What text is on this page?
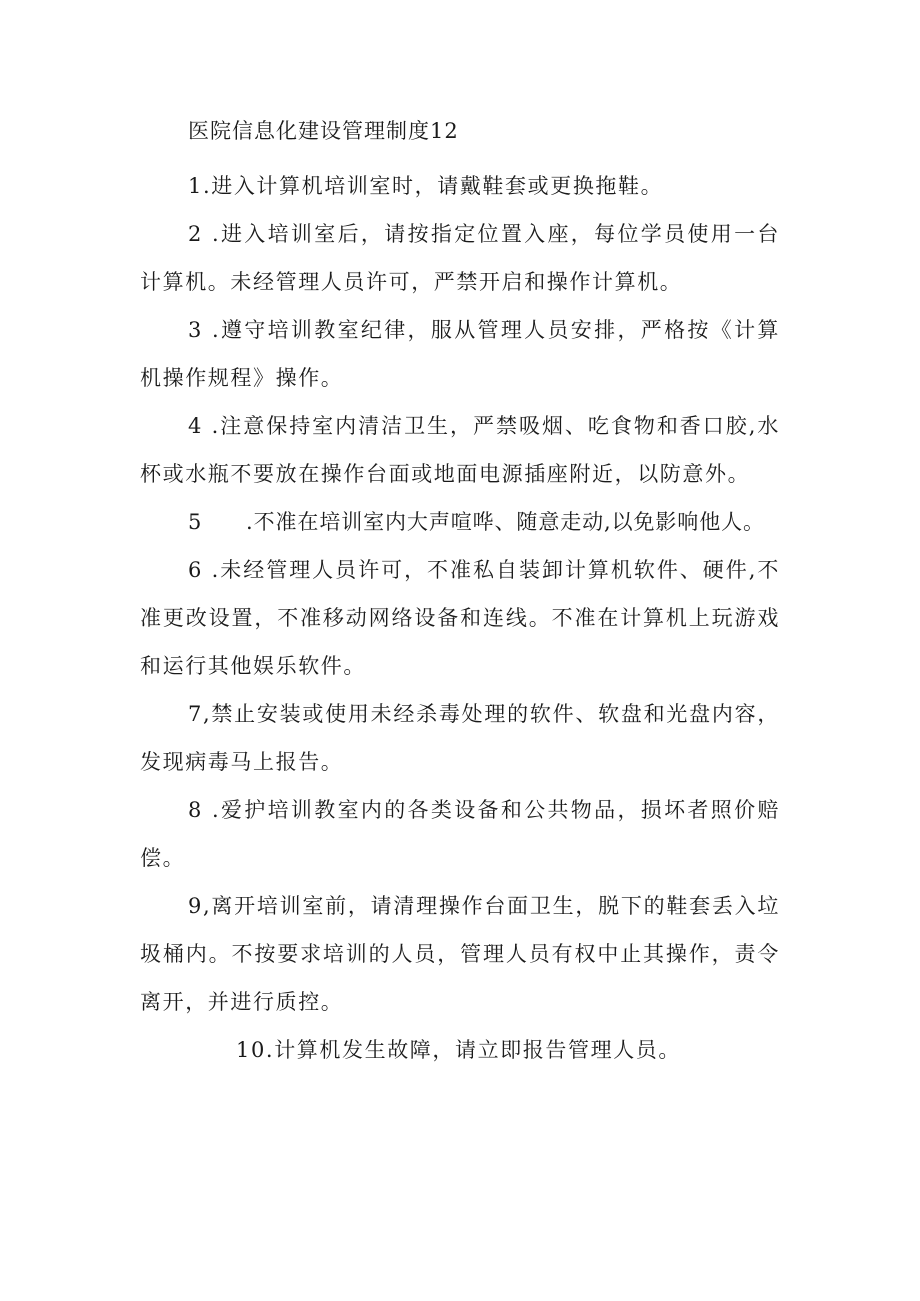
医院信息化建设管理制度12

1.进入计算机培训室时，请戴鞋套或更换拖鞋。

2 .进入培训室后，请按指定位置入座，每位学员使用一台计算机。未经管理人员许可，严禁开启和操作计算机。

3 .遵守培训教室纪律，服从管理人员安排，严格按《计算机操作规程》操作。

4 .注意保持室内清洁卫生，严禁吸烟、吃食物和香口胶,水杯或水瓶不要放在操作台面或地面电源插座附近，以防意外。

5　　.不准在培训室内大声喧哗、随意走动,以免影响他人。

6 .未经管理人员许可，不准私自装卸计算机软件、硬件,不准更改设置，不准移动网络设备和连线。不准在计算机上玩游戏和运行其他娱乐软件。

7,禁止安装或使用未经杀毒处理的软件、软盘和光盘内容，发现病毒马上报告。

8 .爱护培训教室内的各类设备和公共物品，损坏者照价赔偿。

9,离开培训室前，请清理操作台面卫生，脱下的鞋套丢入垃圾桶内。不按要求培训的人员，管理人员有权中止其操作，责令离开，并进行质控。

10.计算机发生故障，请立即报告管理人员。
